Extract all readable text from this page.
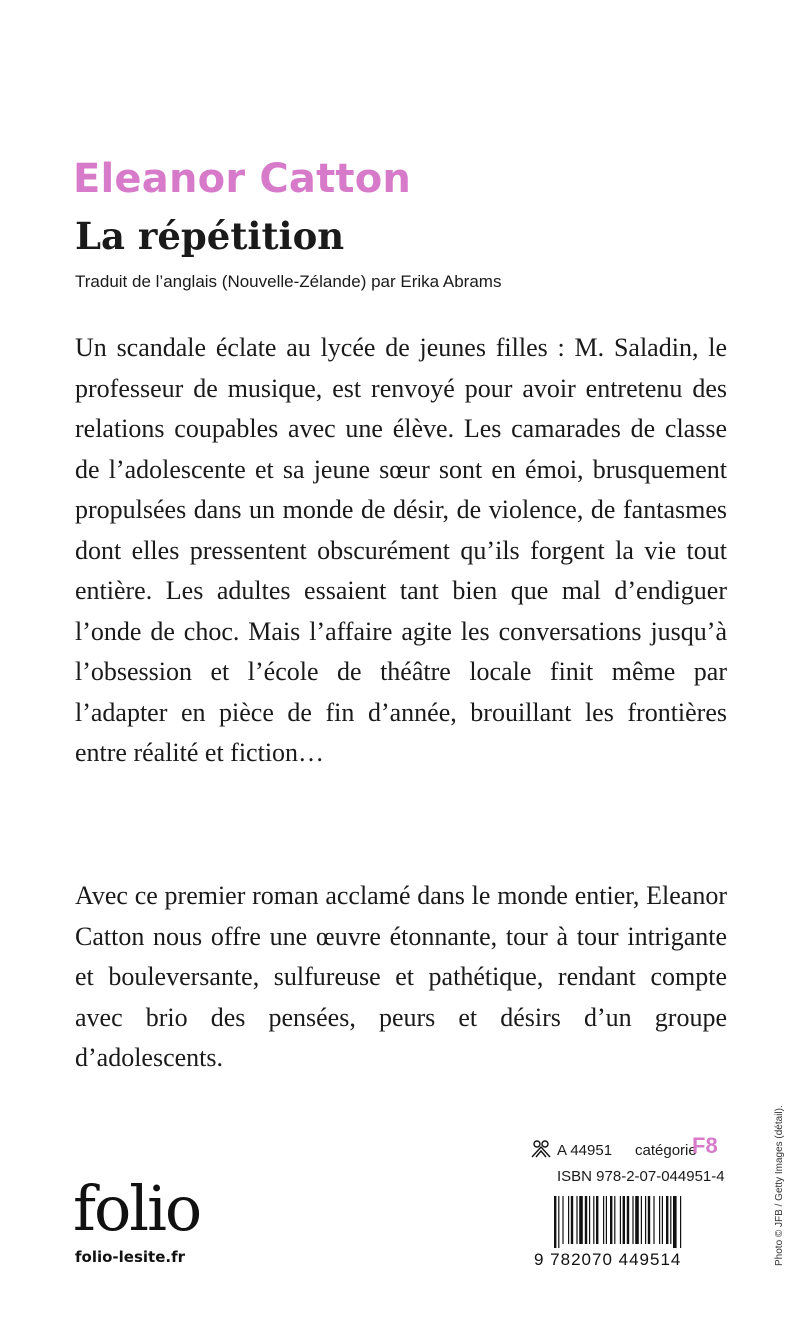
Eleanor Catton
La répétition
Traduit de l’anglais (Nouvelle-Zélande) par Erika Abrams

Un scandale éclate au lycée de jeunes filles : M. Saladin, le professeur de musique, est renvoyé pour avoir entretenu des relations coupables avec une élève. Les camarades de classe de l’adolescente et sa jeune sœur sont en émoi, brusquement propulsées dans un monde de désir, de violence, de fantasmes dont elles pressentent obscurément qu’ils forgent la vie tout entière. Les adultes essaient tant bien que mal d’endiguer l’onde de choc. Mais l’affaire agite les conversations jusqu’à l’obsession et l’école de théâtre locale finit même par l’adapter en pièce de fin d’année, brouillant les frontières entre réalité et fiction…

Avec ce premier roman acclamé dans le monde entier, Eleanor Catton nous offre une œuvre étonnante, tour à tour intrigante et bouleversante, sulfureuse et pathétique, rendant compte avec brio des pensées, peurs et désirs d’un groupe d’adolescents.

A 44951 catégorie
F8
ISBN 978-2-07-044951-4
folio
folio-lesite.fr	9 782070 449514	Photo © JFB / Getty Images (détail).
